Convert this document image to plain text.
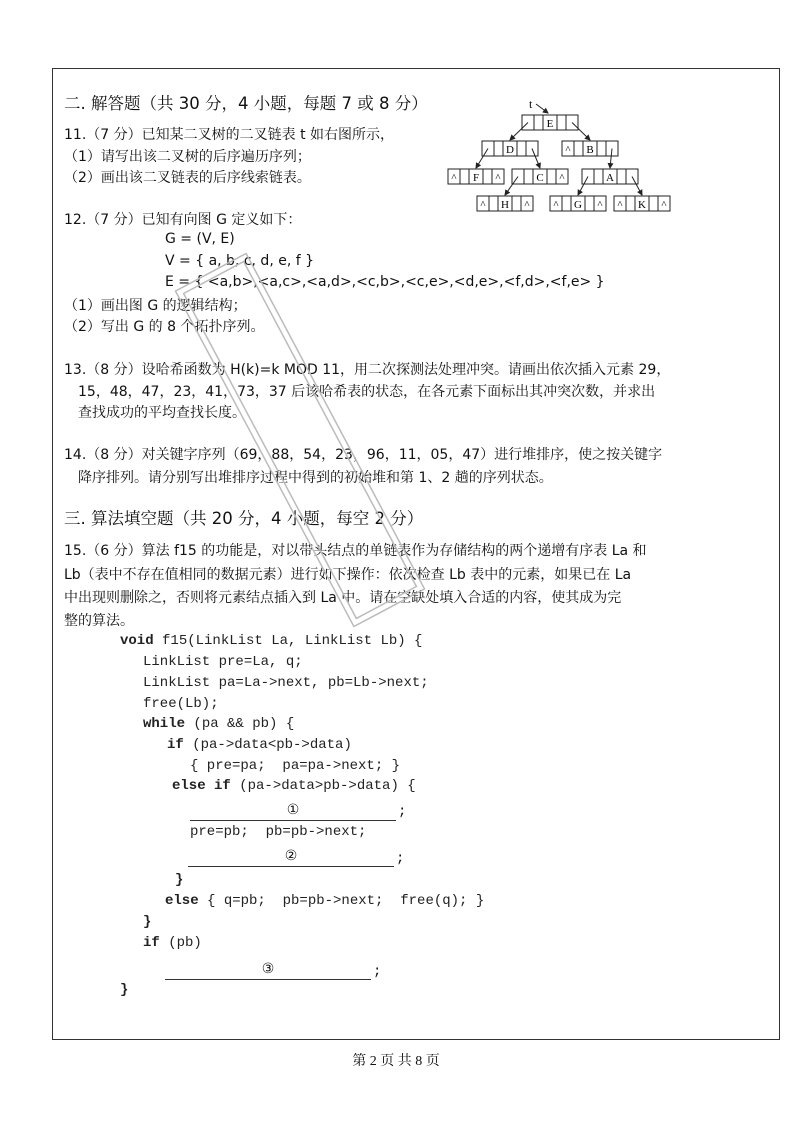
E
D	^ B
^ F ^	C ^	A
^ H ^ ^ G ^ ^ K ^
t
二. 解答题（共 30 分，4 小题，每题 7 或 8 分）
11.（7 分）已知某二叉树的二叉链表 t 如右图所示，
（1）请写出该二叉树的后序遍历序列；
（2）画出该二叉链表的后序线索链表。
12.（7 分）已知有向图 G 定义如下：
G = (V, E)
V = { a, b, c, d, e, f }
E = { <a,b>,<a,c>,<a,d>,<c,b>,<c,e>,<d,e>,<f,d>,<f,e> }
（1）画出图 G 的逻辑结构；
（2）写出 G 的 8 个拓扑序列。
13.（8 分）设哈希函数为 H(k)=k MOD 11，用二次探测法处理冲突。请画出依次插入元素 29，
15，48，47，23，41，73，37 后该哈希表的状态，在各元素下面标出其冲突次数，并求出
查找成功的平均查找长度。
14.（8 分）对关键字序列（69，88，54，23，96，11，05，47）进行堆排序，使之按关键字
降序排列。请分别写出堆排序过程中得到的初始堆和第 1、2 趟的序列状态。
三. 算法填空题（共 20 分，4 小题，每空 2 分）
15.（6 分）算法 f15 的功能是，对以带头结点的单链表作为存储结构的两个递增有序表 La 和
Lb（表中不存在值相同的数据元素）进行如下操作：依次检查 Lb 表中的元素，如果已在 La
中出现则删除之，否则将元素结点插入到 La 中。请在空缺处填入合适的内容，使其成为完
整的算法。
void f15(LinkList La, LinkList Lb) {
LinkList pre=La, q;
LinkList pa=La->next, pb=Lb->next;
free(Lb);
while (pa && pb) {
if (pa->data<pb->data)
{ pre=pa;  pa=pa->next; }
else if (pa->data>pb->data) {
①	;
pre=pb;  pb=pb->next;
②	;
}
else { q=pb;  pb=pb->next;  free(q); }
}
if (pb)
③	;
}
第 2 页 共 8 页
